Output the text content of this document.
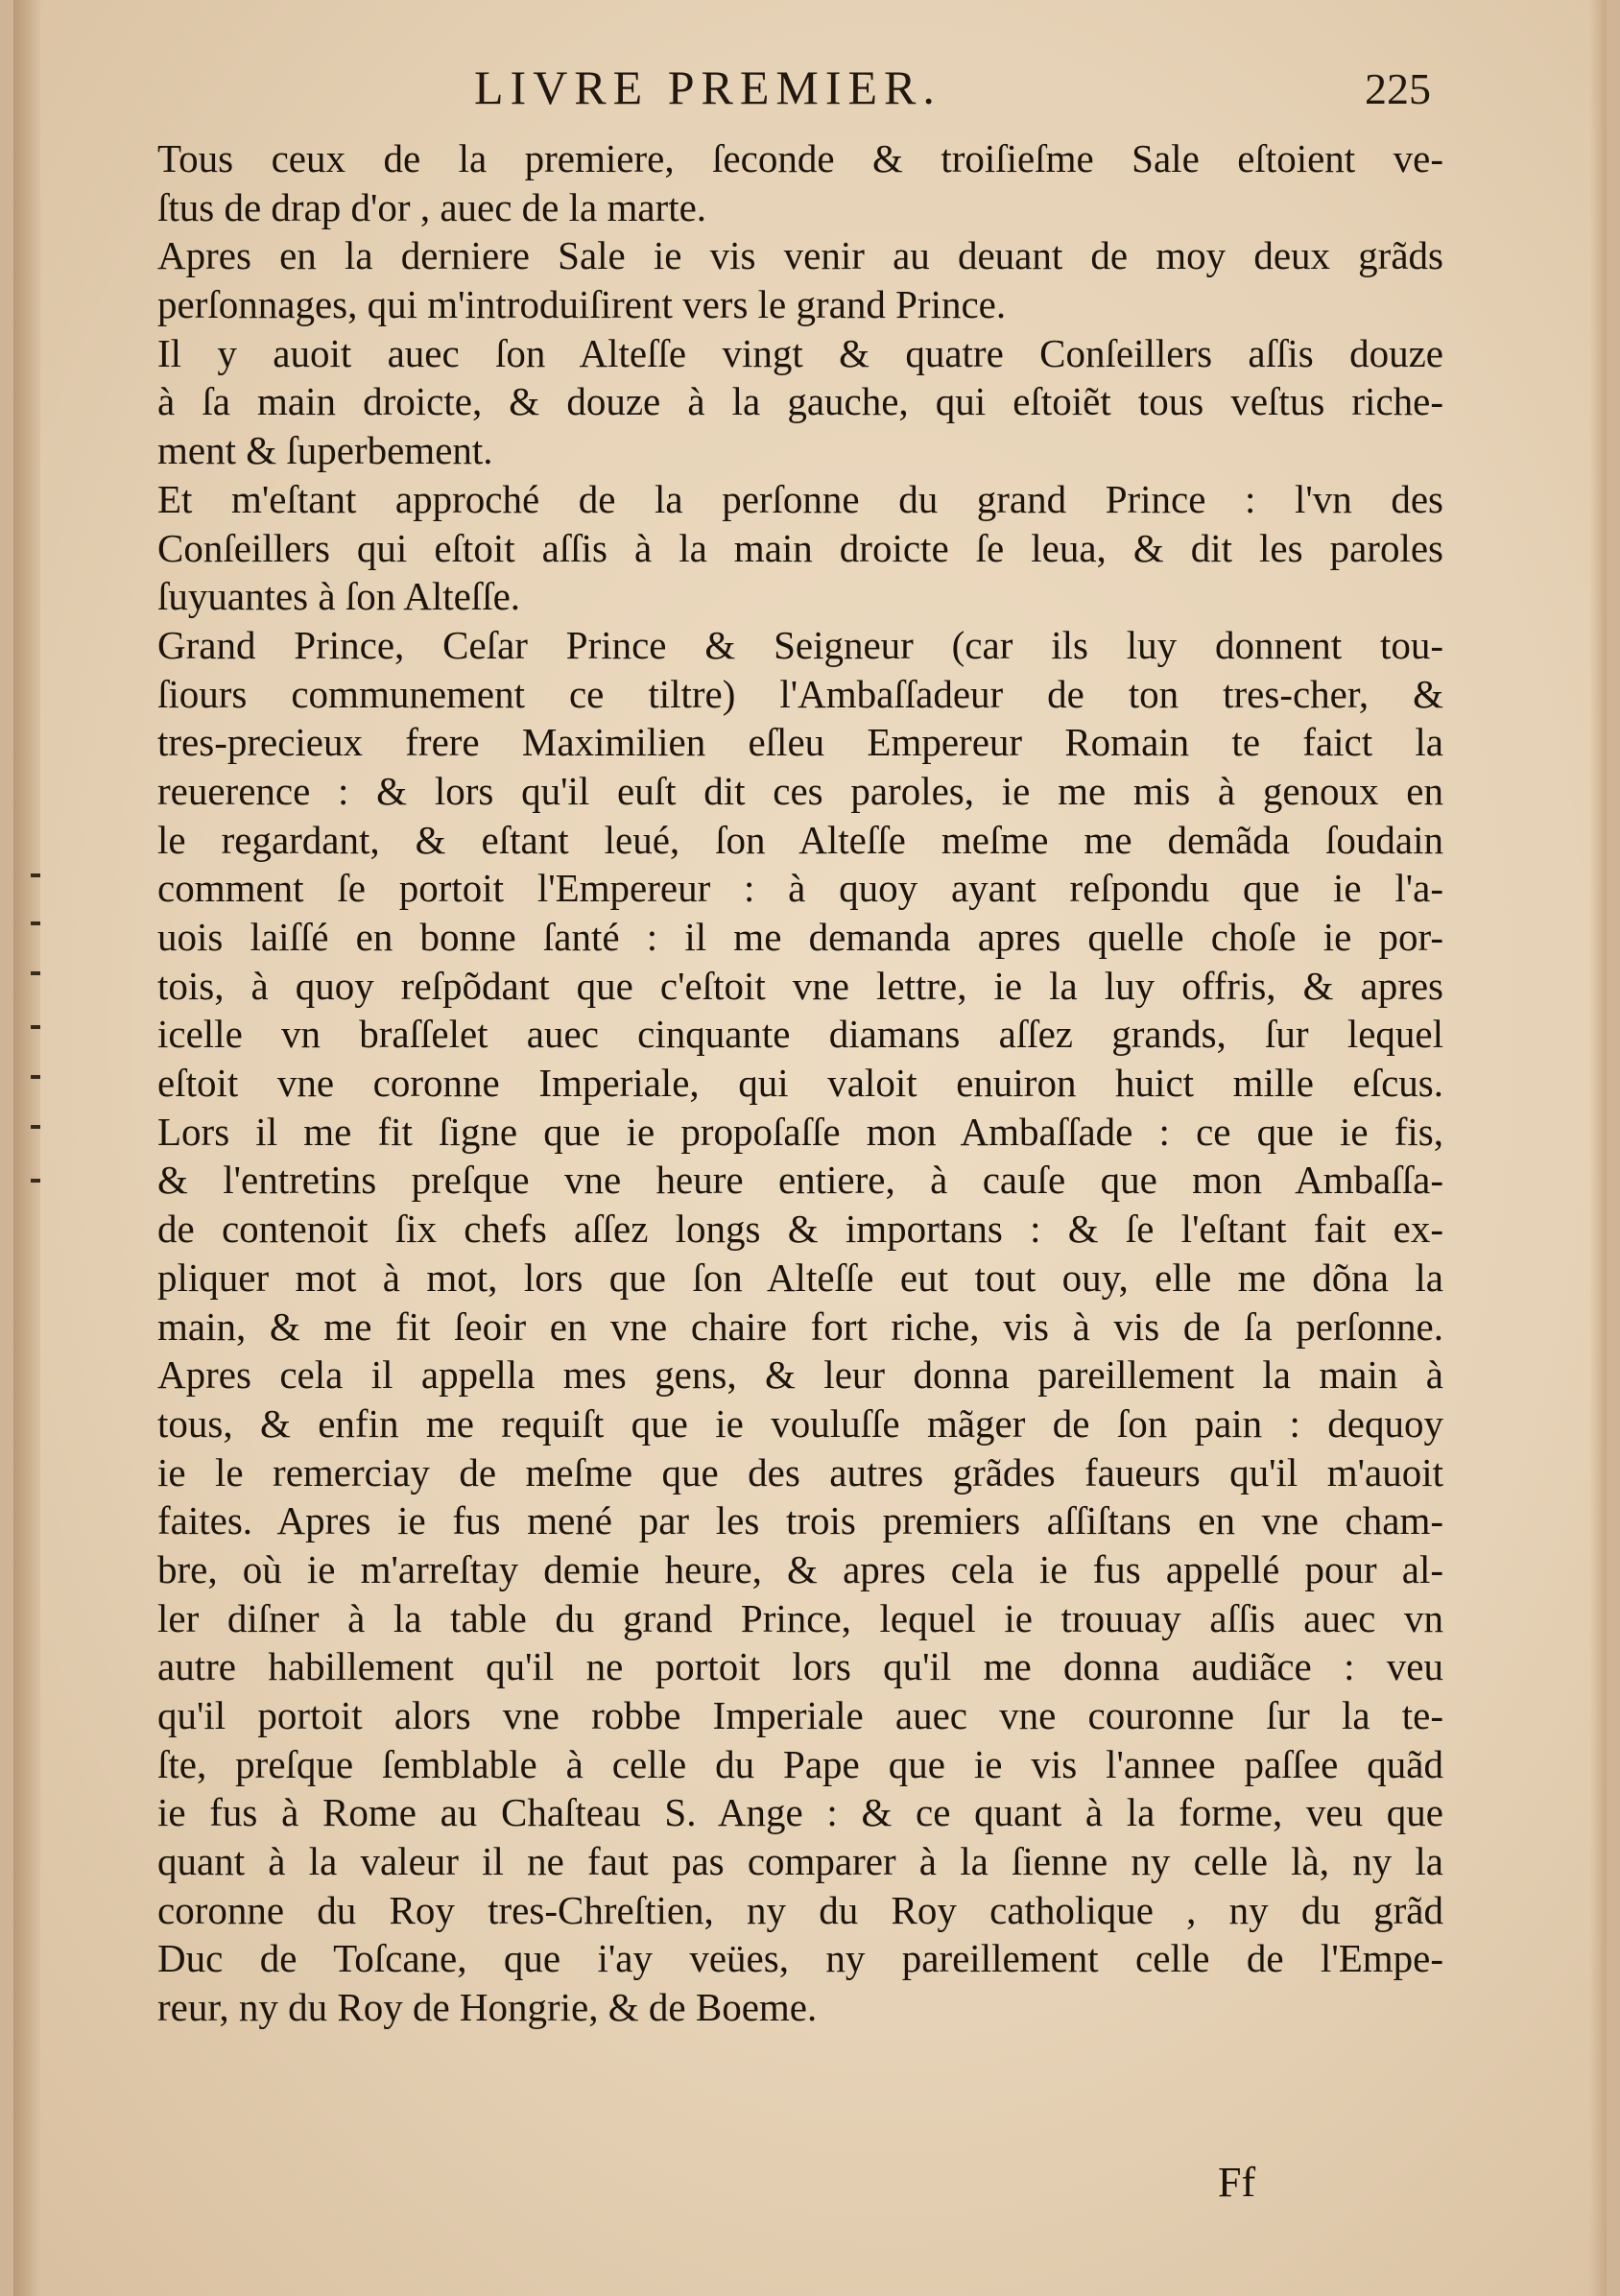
LIVRE PREMIER.	225
Tous ceux de la premiere, ſeconde & troiſieſme Sale eſtoient ve-
ſtus de drap d'or , auec de la marte.
Apres en la derniere Sale ie vis venir au deuant de moy deux grãds
perſonnages, qui m'introduiſirent vers le grand Prince.
Il y auoit auec ſon Alteſſe vingt & quatre Conſeillers aſſis douze
à ſa main droicte, & douze à la gauche, qui eſtoiẽt tous veſtus riche-
ment & ſuperbement.
Et m'eſtant approché de la perſonne du grand Prince : l'vn des
Conſeillers qui eſtoit aſſis à la main droicte ſe leua, & dit les paroles
ſuyuantes à ſon Alteſſe.
Grand Prince, Ceſar Prince & Seigneur (car ils luy donnent tou-
ſiours communement ce tiltre) l'Ambaſſadeur de ton tres-cher, &
tres-precieux frere Maximilien eſleu Empereur Romain te faict la
reuerence : & lors qu'il euſt dit ces paroles, ie me mis à genoux en
le regardant, & eſtant leué, ſon Alteſſe meſme me demãda ſoudain
comment ſe portoit l'Empereur : à quoy ayant reſpondu que ie l'a-
uois laiſſé en bonne ſanté : il me demanda apres quelle choſe ie por-
tois, à quoy reſpõdant que c'eſtoit vne lettre, ie la luy offris, & apres
icelle vn braſſelet auec cinquante diamans aſſez grands, ſur lequel
eſtoit vne coronne Imperiale, qui valoit enuiron huict mille eſcus.
Lors il me fit ſigne que ie propoſaſſe mon Ambaſſade : ce que ie fis,
& l'entretins preſque vne heure entiere, à cauſe que mon Ambaſſa-
de contenoit ſix chefs aſſez longs & importans : & ſe l'eſtant fait ex-
pliquer mot à mot, lors que ſon Alteſſe eut tout ouy, elle me dõna la
main, & me fit ſeoir en vne chaire fort riche, vis à vis de ſa perſonne.
Apres cela il appella mes gens, & leur donna pareillement la main à
tous, & enfin me requiſt que ie vouluſſe mãger de ſon pain : dequoy
ie le remerciay de meſme que des autres grãdes faueurs qu'il m'auoit
faites. Apres ie fus mené par les trois premiers aſſiſtans en vne cham-
bre, où ie m'arreſtay demie heure, & apres cela ie fus appellé pour al-
ler diſner à la table du grand Prince, lequel ie trouuay aſſis auec vn
autre habillement qu'il ne portoit lors qu'il me donna audiãce : veu
qu'il portoit alors vne robbe Imperiale auec vne couronne ſur la te-
ſte, preſque ſemblable à celle du Pape que ie vis l'annee paſſee quãd
ie fus à Rome au Chaſteau S. Ange : & ce quant à la forme, veu que
quant à la valeur il ne faut pas comparer à la ſienne ny celle là, ny la
coronne du Roy tres-Chreſtien, ny du Roy catholique , ny du grãd
Duc de Toſcane, que i'ay veües, ny pareillement celle de l'Empe-
reur, ny du Roy de Hongrie, & de Boeme.
Ff
